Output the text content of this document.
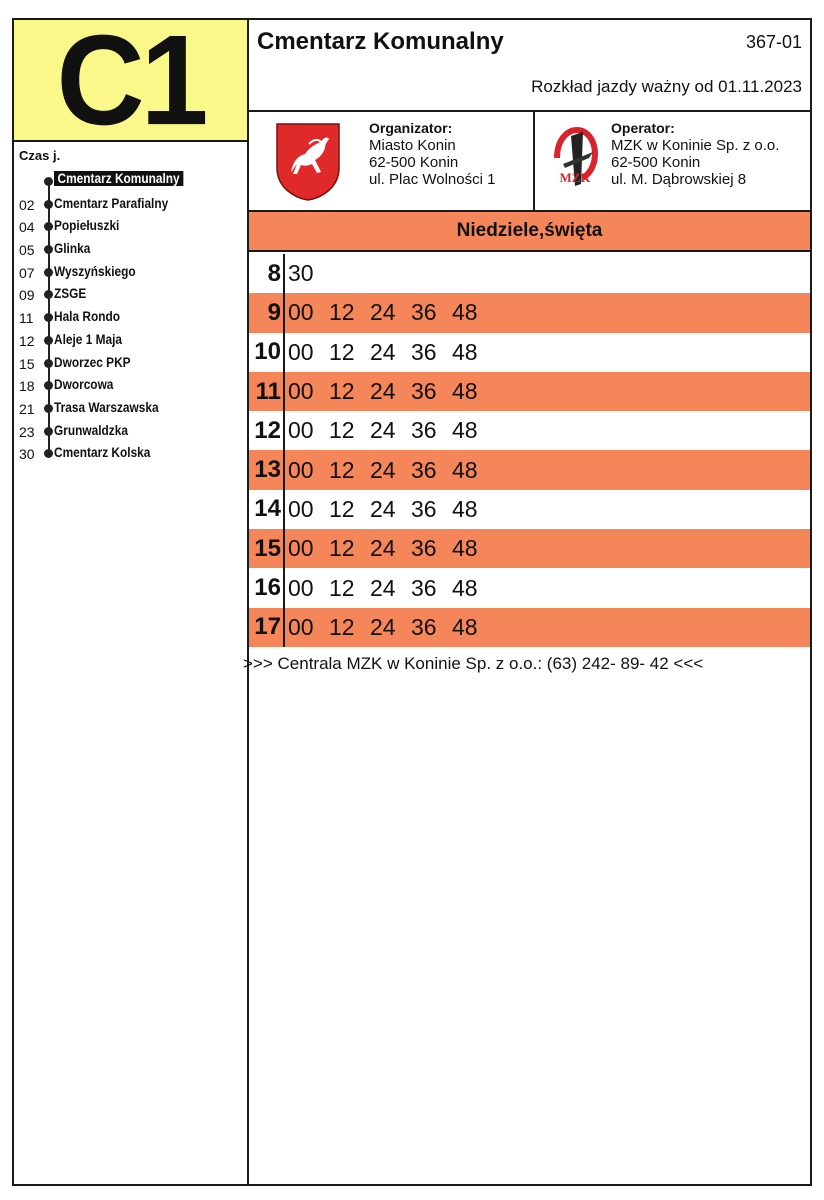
C1
Czas j.
Cmentarz Komunalny
02	Cmentarz Parafialny
04	Popiełuszki
05	Glinka
07	Wyszyńskiego
09	ZSGE
11	Hala Rondo
12	Aleje 1 Maja
15	Dworzec PKP
18	Dworcowa
21	Trasa Warszawska
23	Grunwaldzka
30	Cmentarz Kolska
Cmentarz Komunalny	367-01
Rozkład jazdy ważny od 01.11.2023
Organizator:
Miasto Konin
62-500 Konin
ul. Plac Wolności 1	MZK
Operator:
MZK w Koninie Sp. z o.o.
62-500 Konin
ul. M. Dąbrowskiej 8
Niedziele,święta
8 30
9 00 12 24 36 48
10 00 12 24 36 48
11 00 12 24 36 48
12 00 12 24 36 48
13 00 12 24 36 48
14 00 12 24 36 48
15 00 12 24 36 48
16 00 12 24 36 48
17 00 12 24 36 48
>>> Centrala MZK w Koninie Sp. z o.o.: (63) 242- 89- 42 <<<
